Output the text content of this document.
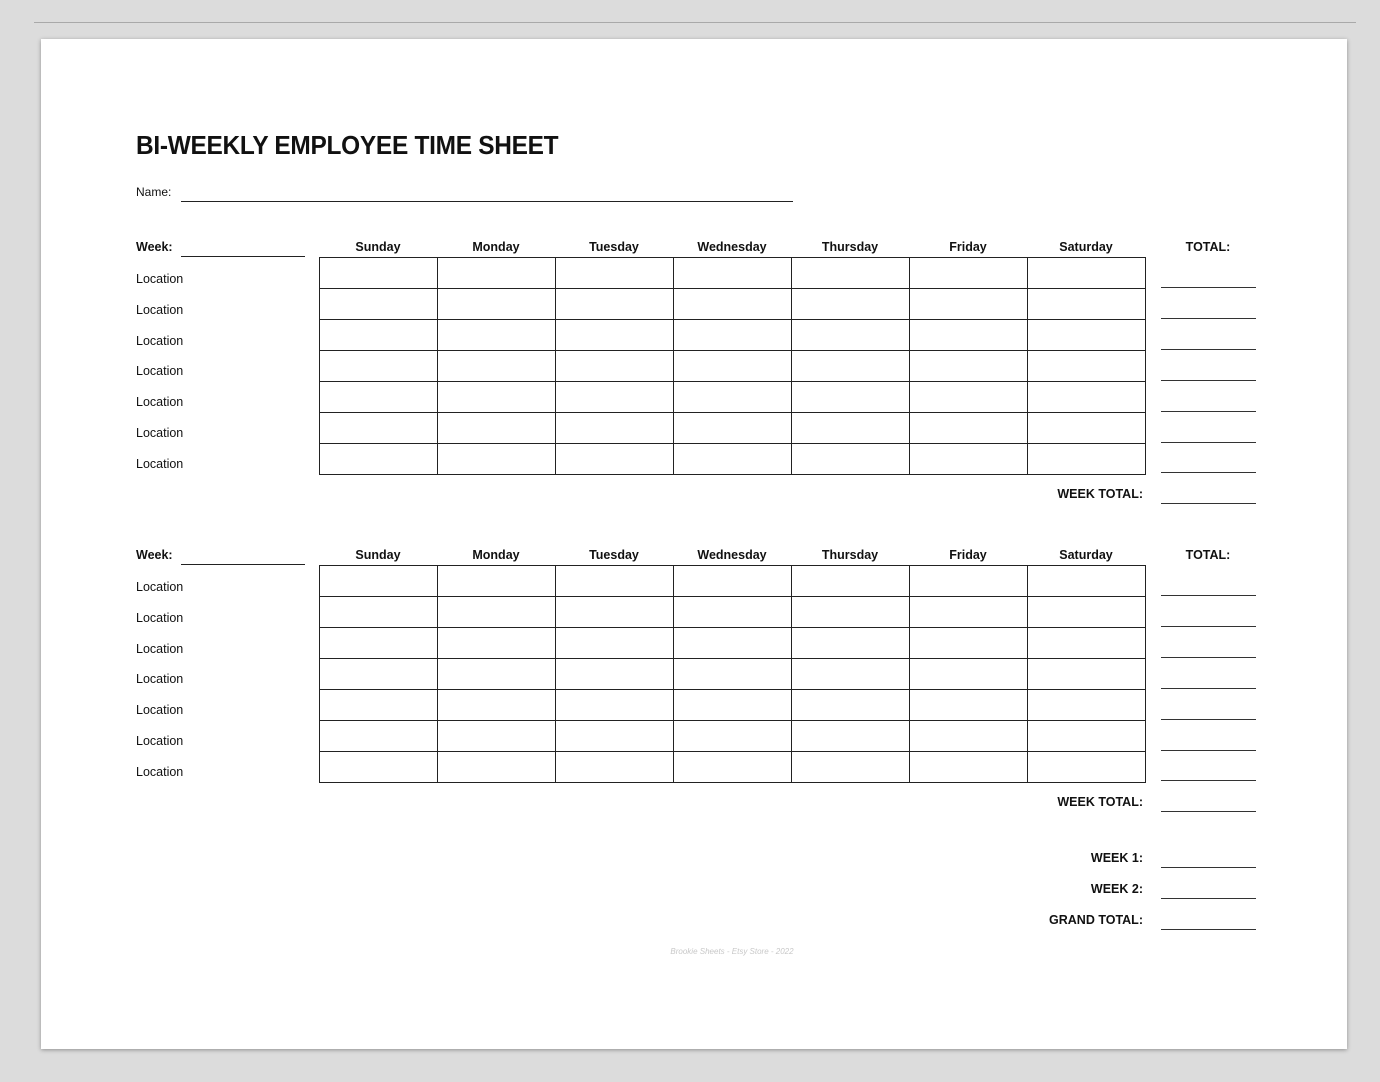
BI-WEEKLY EMPLOYEE TIME SHEET
Name:
Week:	Sunday	Monday	Tuesday	Wednesday	Thursday	Friday	Saturday	TOTAL:

Location
Location
Location
Location
Location
Location
Location
WEEK TOTAL:
Week:	Sunday	Monday	Tuesday	Wednesday	Thursday	Friday	Saturday	TOTAL:

Location
Location
Location
Location
Location
Location
Location
WEEK TOTAL:
WEEK 1:
WEEK 2:
GRAND TOTAL:
Brookie Sheets - Etsy Store - 2022
